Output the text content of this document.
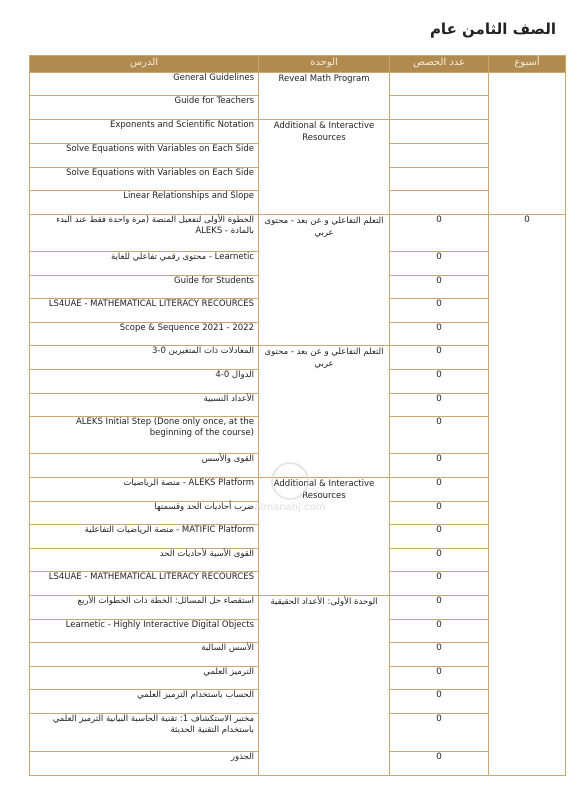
الصف الثامن عام
الدرس	الوحدة	عدد الحصص	أسبوع
General Guidelines	Reveal Math Program		
Guide for Teachers			
Exponents and Scientific Notation	Additional & Interactive Resources		
Solve Equations with Variables on Each Side			
Solve Equations with Variables on Each Side			
Linear Relationships and Slope			
الخطوة الأولى لتفعيل المنصة (مرة واحدة فقط عند البدء بالمادة - ALEKS	التعلم التفاعلي و عن بعد - محتوى عربي	0	0
Learnetic - محتوى رقمي تفاعلي للغاية		0	
Guide for Students		0	
LS4UAE - MATHEMATICAL LITERACY RECOURCES		0	
Scope & Sequence 2021 - 2022		0	
المعادلات ذات المتغيرين 0-3	التعلم التفاعلي و عن بعد - محتوى عربي	0	
الدوال 0-4		0	
الأعداد النسبية		0	
ALEKS Initial Step (Done only once, at the beginning of the course)		0	
القوى والأسس		0	
ALEKS Platform - منصة الرياضيات	Additional & Interactive Resources	0	
ضرب أحاديات الحد وقسمتها		0	
MATIFIC Platform - منصة الرياضيات التفاعلية		0	
القوى الأسية لأحاديات الحد		0	
LS4UAE - MATHEMATICAL LITERACY RECOURCES		0	
استقصاء حل المسائل: الخطة ذات الخطوات الأربع	الوحدة الأولى: الأعداد الحقيقية	0	
Learnetic - Highly Interactive Digital Objects		0	
الأسس السالبة		0	
الترميز العلمي		0	
الحساب باستخدام الترميز العلمي		0	
مختبر الاستكشاف 1: تقنية الحاسبة البيانية الترميز العلمي باستخدام التقنية الحديثة		0	
الجذور		0	
almanahj.com
